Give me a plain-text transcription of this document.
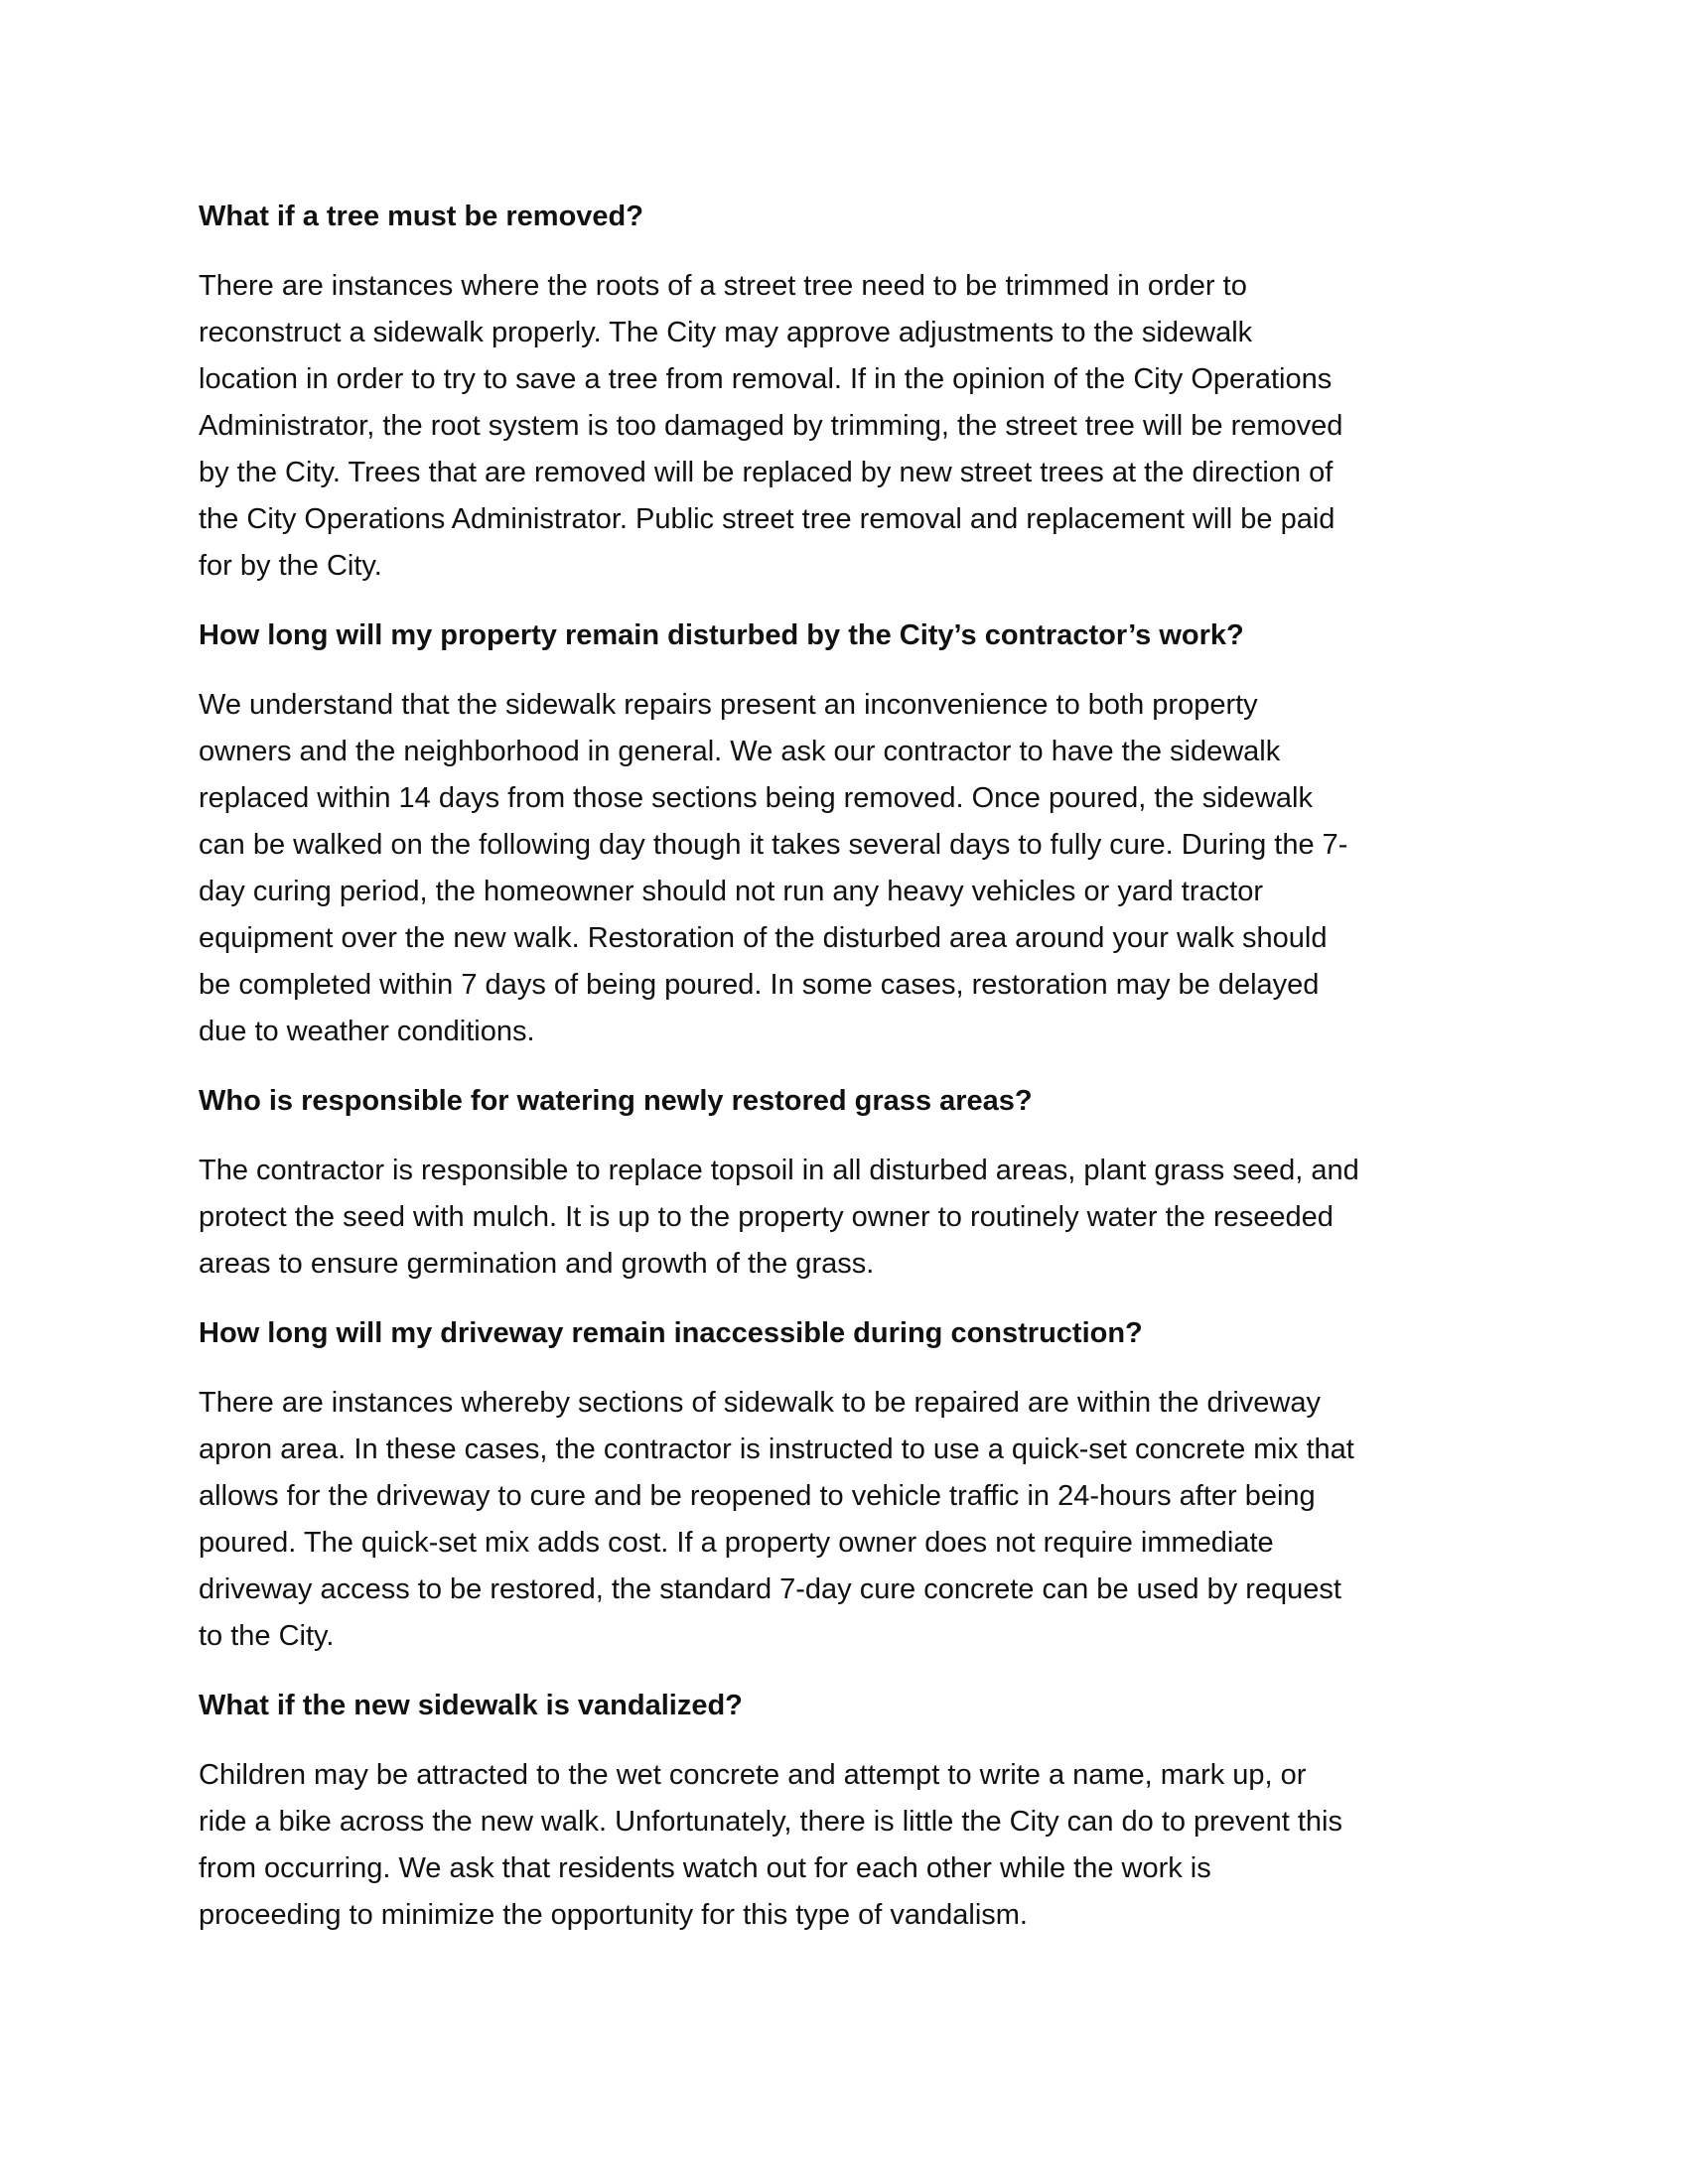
What if a tree must be removed?

There are instances where the roots of a street tree need to be trimmed in order to
reconstruct a sidewalk properly. The City may approve adjustments to the sidewalk
location in order to try to save a tree from removal. If in the opinion of the City Operations
Administrator, the root system is too damaged by trimming, the street tree will be removed
by the City. Trees that are removed will be replaced by new street trees at the direction of
the City Operations Administrator. Public street tree removal and replacement will be paid
for by the City.

How long will my property remain disturbed by the City’s contractor’s work?

We understand that the sidewalk repairs present an inconvenience to both property
owners and the neighborhood in general. We ask our contractor to have the sidewalk
replaced within 14 days from those sections being removed. Once poured, the sidewalk
can be walked on the following day though it takes several days to fully cure. During the 7-
day curing period, the homeowner should not run any heavy vehicles or yard tractor
equipment over the new walk. Restoration of the disturbed area around your walk should
be completed within 7 days of being poured. In some cases, restoration may be delayed
due to weather conditions.

Who is responsible for watering newly restored grass areas?

The contractor is responsible to replace topsoil in all disturbed areas, plant grass seed, and
protect the seed with mulch. It is up to the property owner to routinely water the reseeded
areas to ensure germination and growth of the grass.

How long will my driveway remain inaccessible during construction?

There are instances whereby sections of sidewalk to be repaired are within the driveway
apron area. In these cases, the contractor is instructed to use a quick-set concrete mix that
allows for the driveway to cure and be reopened to vehicle traffic in 24-hours after being
poured. The quick-set mix adds cost. If a property owner does not require immediate
driveway access to be restored, the standard 7-day cure concrete can be used by request
to the City.

What if the new sidewalk is vandalized?

Children may be attracted to the wet concrete and attempt to write a name, mark up, or
ride a bike across the new walk. Unfortunately, there is little the City can do to prevent this
from occurring. We ask that residents watch out for each other while the work is
proceeding to minimize the opportunity for this type of vandalism.
